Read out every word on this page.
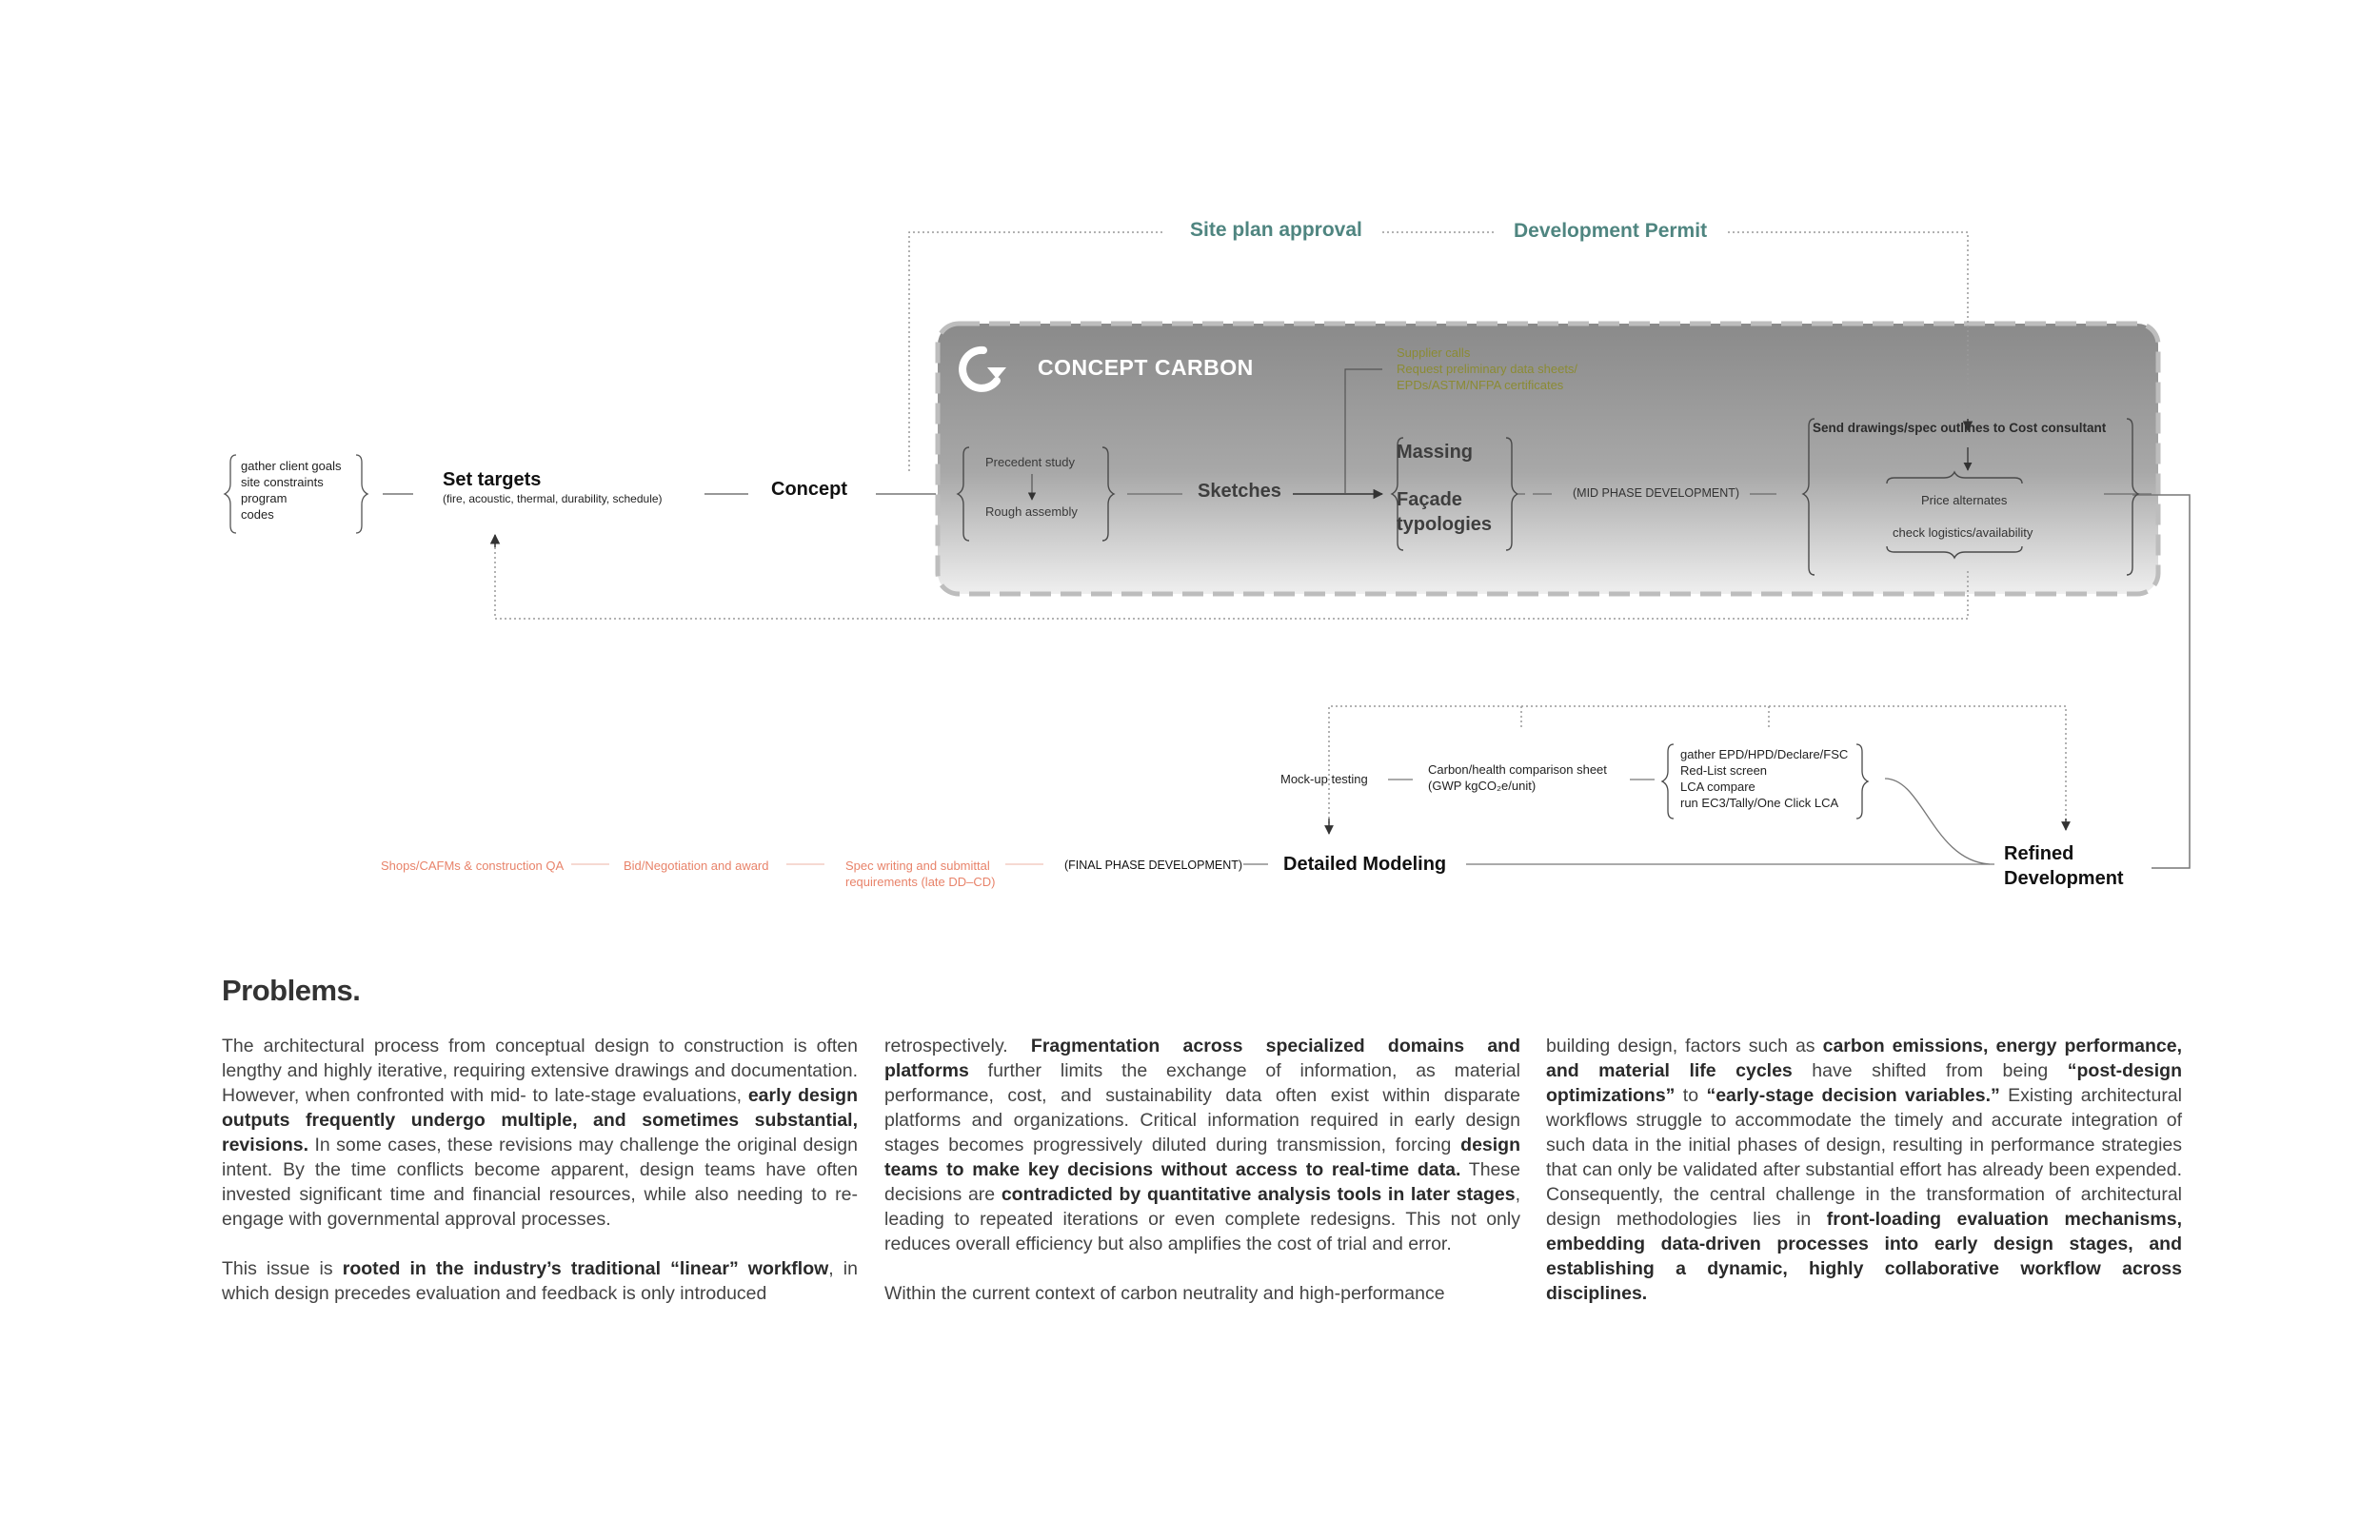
Site plan approval	Development Permit
CONCEPT CARBON
gather client goals
site constraints
program
codes
Set targets
(fire, acoustic, thermal, durability, schedule)	Concept
Precedent study
Rough assembly
Sketches
Supplier calls
Request preliminary data sheets/
EPDs/ASTM/NFPA certificates
Massing
Façade
typologies
(MID PHASE DEVELOPMENT)
Send drawings/spec outlines to Cost consultant
Price alternates
check logistics/availability
Mock-up testing
Carbon/health comparison sheet
(GWP kgCO₂e/unit)
gather EPD/HPD/Declare/FSC
Red-List screen
LCA compare
run EC3/Tally/One Click LCA
Refined
Development
Detailed Modeling
(FINAL PHASE DEVELOPMENT)
Spec writing and submittal
requirements (late DD–CD)
Bid/Negotiation and award
Shops/CAFMs & construction QA
Problems.

The architectural process from conceptual design to construction is often lengthy and highly iterative, requiring extensive drawings and documentation. However, when confronted with mid- to late-stage evaluations, early design outputs frequently undergo multiple, and sometimes substantial, revisions. In some cases, these revisions may challenge the original design intent. By the time conflicts become apparent, design teams have often invested significant time and financial resources, while also needing to re-engage with governmental approval processes.

This issue is rooted in the industry’s traditional “linear” workflow, in which design precedes evaluation and feedback is only introduced

retrospectively. Fragmentation across specialized domains and platforms further limits the exchange of information, as material performance, cost, and sustainability data often exist within disparate platforms and organizations. Critical information required in early design stages becomes progressively diluted during transmission, forcing design teams to make key decisions without access to real-time data. These decisions are contradicted by quantitative analysis tools in later stages, leading to repeated iterations or even complete redesigns. This not only reduces overall efficiency but also amplifies the cost of trial and error.

Within the current context of carbon neutrality and high-performance

building design, factors such as carbon emissions, energy performance, and material life cycles have shifted from being “post-design optimizations” to “early-stage decision variables.” Existing architectural workflows struggle to accommodate the timely and accurate integration of such data in the initial phases of design, resulting in performance strategies that can only be validated after substantial effort has already been expended. Consequently, the central challenge in the transformation of architectural design methodologies lies in front-loading evaluation mechanisms, embedding data-driven processes into early design stages, and establishing a dynamic, highly collaborative workflow across disciplines.
